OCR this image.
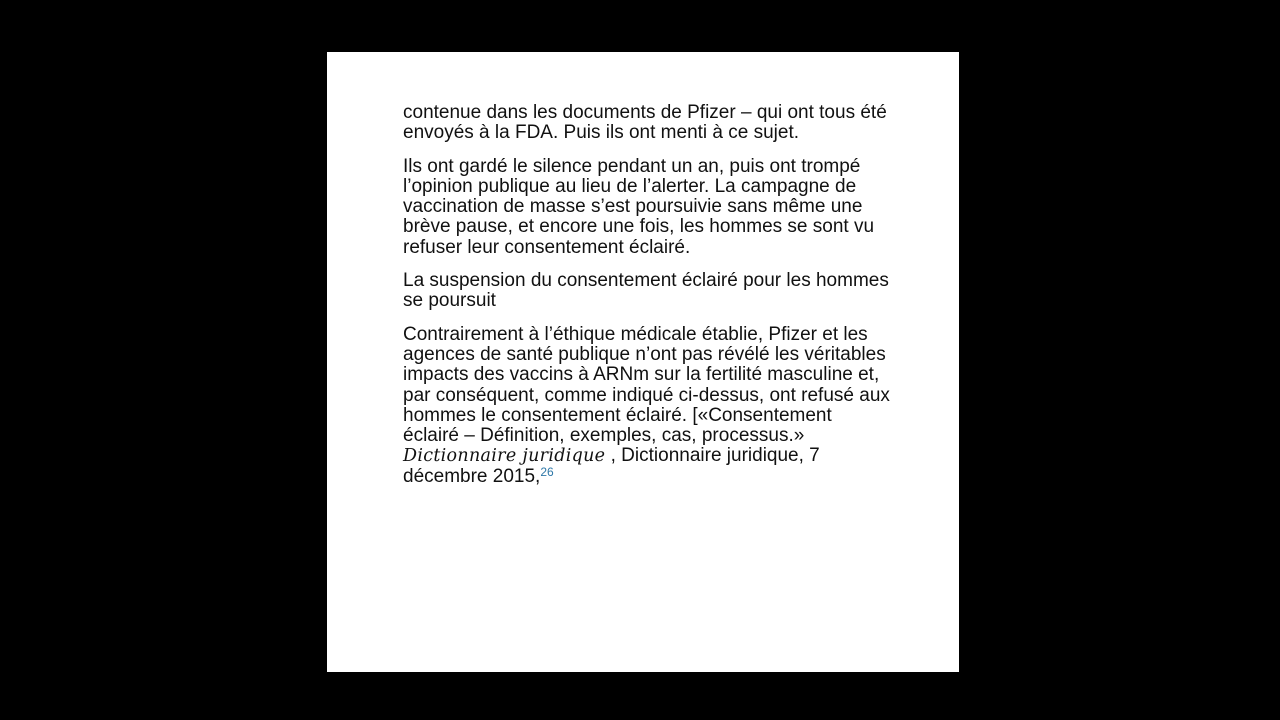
contenue dans les documents de Pfizer – qui ont tous été envoyés à la FDA. Puis ils ont menti à ce sujet.

Ils ont gardé le silence pendant un an, puis ont trompé l’opinion publique au lieu de l’alerter. La campagne de vaccination de masse s’est poursuivie sans même une brève pause, et encore une fois, les hommes se sont vu refuser leur consentement éclairé.

La suspension du consentement éclairé pour les hommes se poursuit

Contrairement à l’éthique médicale établie, Pfizer et les agences de santé publique n’ont pas révélé les véritables impacts des vaccins à ARNm sur la fertilité masculine et, par conséquent, comme indiqué ci-dessus, ont refusé aux hommes le consentement éclairé. [«Consentement éclairé – Définition, exemples, cas, processus.» Dictionnaire juridique , Dictionnaire juridique, 7 décembre 2015,26
